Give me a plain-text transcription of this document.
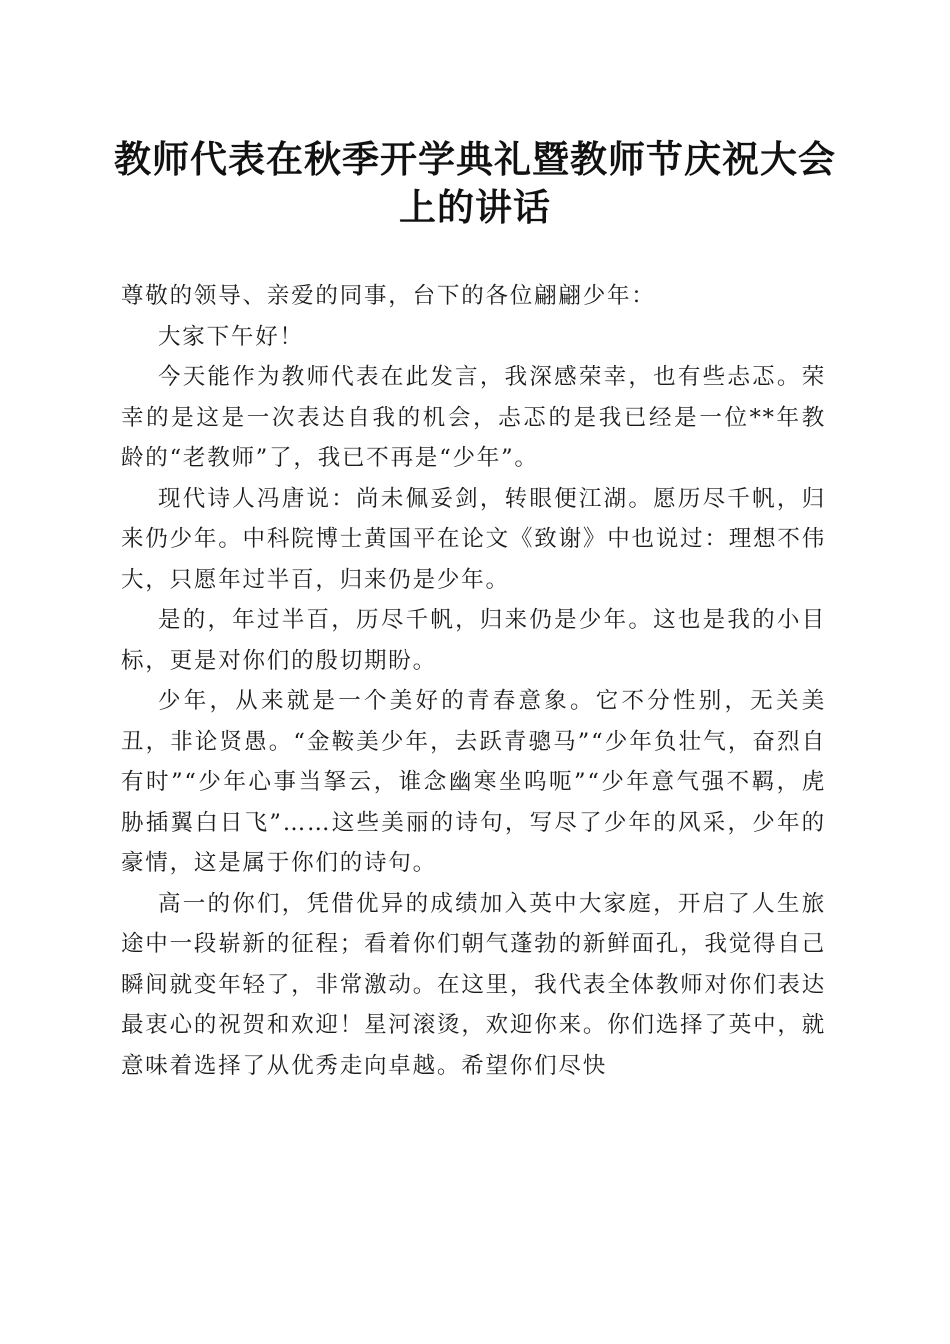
教师代表在秋季开学典礼暨教师节庆祝大会上的讲话

尊敬的领导、亲爱的同事，台下的各位翩翩少年：

大家下午好！

今天能作为教师代表在此发言，我深感荣幸，也有些忐忑。荣幸的是这是一次表达自我的机会，忐忑的是我已经是一位**年教龄的“老教师”了，我已不再是“少年”。

现代诗人冯唐说：尚未佩妥剑，转眼便江湖。愿历尽千帆，归来仍少年。中科院博士黄国平在论文《致谢》中也说过：理想不伟大，只愿年过半百，归来仍是少年。

是的，年过半百，历尽千帆，归来仍是少年。这也是我的小目标，更是对你们的殷切期盼。

少年，从来就是一个美好的青春意象。它不分性别，无关美丑，非论贤愚。“金鞍美少年，去跃青骢马”“少年负壮气，奋烈自有时”“少年心事当拏云，谁念幽寒坐呜呃”“少年意气强不羁，虎胁插翼白日飞”……这些美丽的诗句，写尽了少年的风采，少年的豪情，这是属于你们的诗句。

高一的你们，凭借优异的成绩加入英中大家庭，开启了人生旅途中一段崭新的征程；看着你们朝气蓬勃的新鲜面孔，我觉得自己瞬间就变年轻了，非常激动。在这里，我代表全体教师对你们表达最衷心的祝贺和欢迎！星河滚烫，欢迎你来。你们选择了英中，就意味着选择了从优秀走向卓越。希望你们尽快
